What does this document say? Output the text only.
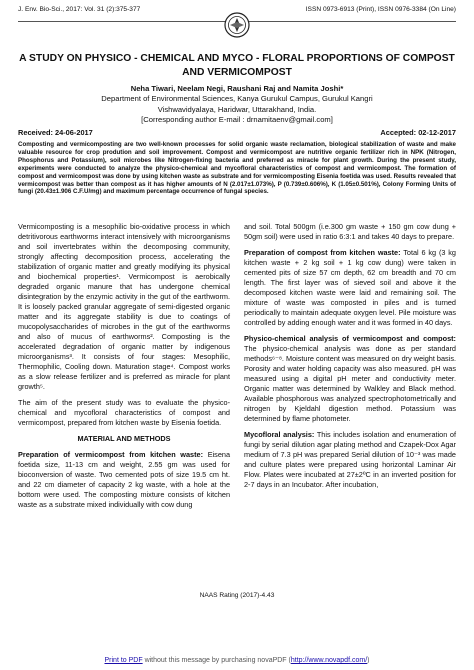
J. Env. Bio-Sci., 2017: Vol. 31 (2):375-377	ISSN 0973-6913 (Print), ISSN 0976-3384 (On Line)
A STUDY ON PHYSICO - CHEMICAL AND MYCO - FLORAL PROPORTIONS OF COMPOST AND VERMICOMPOST
Neha Tiwari, Neelam Negi, Raushani Raj and Namita Joshi*
Department of Environmental Sciences, Kanya Gurukul Campus, Gurukul Kangri
Vishwavidyalaya, Haridwar, Uttarakhand, India.
[Corresponding author E-mail : drnamitaenv@gmail.com]
Received: 24-06-2017	Accepted: 02-12-2017
Composting and vermicomposting are two well-known processes for solid organic waste reclamation, biological stabilization of waste and make valuable resource for crop prodution and soil improvement. Compost and vermicompost are nutritive organic fertilizer rich in NPK (Nitrogen, Phosphorus and Potassium), soil microbes like Nitrogen-fixing bacteria and preferred as miracle for plant growth. During the present study, experiments were conducted to analyze the physico-chemical and mycofloral characteristics of compost and vermicompost. The formation of compost and vermicompost was done by using kitchen waste as substrate and for vermicomposting Eisenia foetida was used. Results revealed that vermicompost was better than compost as it has higher amounts of N (2.017±1.073%), P (0.739±0.606%), K (1.05±0.501%), Colony Forming Units of fungi (20.43±1.906 C.F.U/mg) and maximum percentage occurrence of fungal species.

Vermicomposting is a mesophilic bio-oxidative process in which detritivorous earthworms interact intensively with microorganisms and soil invertebrates within the decomposing community, strongly affecting decomposition process, accelerating the stabilization of organic matter and greatly modifying its physical and biochemical properties¹. Vermicompost is aerobically degraded organic manure that has undergone chemical disintegration by the enzymic activity in the gut of the earthworm. It is loosely packed granular aggregate of semi-digested organic matter and its aggregate stability is due to coatings of mucopolysaccharides of microbes in the gut of the earthworms and also of mucus of earthworms². Composting is the accelerated degradation of organic matter by indigenous microorganisms³. It consists of four stages: Mesophilic, Thermophilic, Cooling down. Maturation stage⁴. Compost works as a slow release fertilizer and is preferred as miracle for plant growth⁵.

The aim of the present study was to evaluate the physico-chemical and mycofloral characteristics of compost and vermicompost, prepared from kitchen waste by Eisenia foetida.

MATERIAL AND METHODS

Preparation of vermicompost from kitchen waste: Eisena foetida size, 11-13 cm and weight, 2.55 gm was used for bioconversion of waste. Two cemented pots of size 19.5 cm ht. and 22 cm diameter of capacity 2 kg waste, with a hole at the bottom were used. The composting mixture consists of kitchen waste as a substrate mixed individually with cow dung

and soil. Total 500gm (i.e.300 gm waste + 150 gm cow dung + 50gm soil) were used in ratio 6:3:1 and takes 40 days to prepare.

Preparation of compost from kitchen waste: Total 6 kg (3 kg kitchen waste + 2 kg soil + 1 kg cow dung) were taken in cemented pits of size 57 cm depth, 62 cm breadth and 70 cm length. The first layer was of sieved soil and above it the decomposed kitchen waste were laid and remaining soil. The mixture of waste was composted in piles and is turned periodically to maintain adequate oxygen level. Pile moisture was controlled by adding enough water and it was formed in 40 days.

Physico-chemical analysis of vermicompost and compost: The physico-chemical analysis was done as per standard methods⁶⁻⁸. Moisture content was measured on dry weight basis. Porosity and water holding capacity was also measured. pH was measured using a digital pH meter and conductivity meter. Organic matter was determined by Walkley and Black method. Available phosphorous was analyzed spectrophotometrically and nitrogen by Kjeldahl digestion method. Potassium was determined by flame photometer.

Mycofloral analysis: This includes isolation and enumeration of fungi by serial dilution agar plating method and Czapek-Dox Agar medium of 7.3 pH was prepared Serial dilution of 10⁻³ was made and culture plates were prepared using horizontal Laminar Air Flow. Plates were incubated at 27±2ºC in an inverted position for 2-7 days in an Incubator. After incubation,

NAAS Rating (2017)-4.43
Print to PDF without this message by purchasing novaPDF (http://www.novapdf.com/)
